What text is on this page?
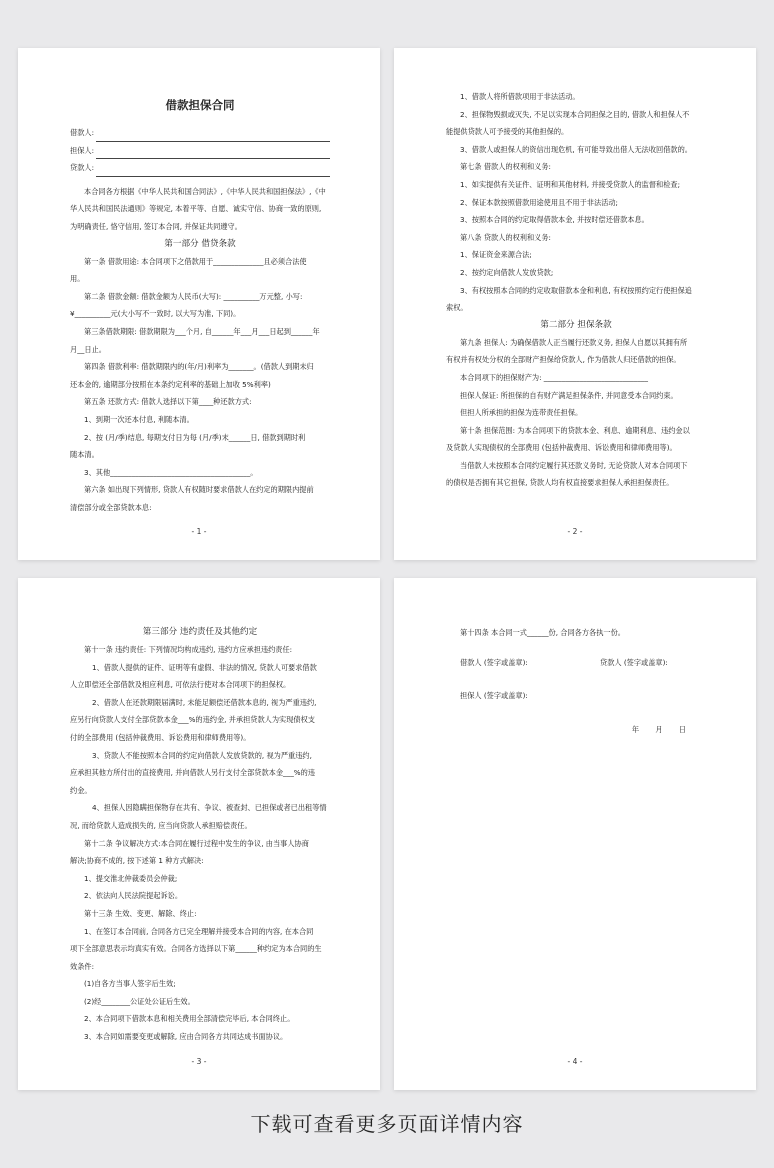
借款担保合同
借款人:
担保人:
贷款人:
本合同各方根据《中华人民共和国合同法》,《中华人民共和国担保法》,《中
华人民共和国民法通则》等规定, 本着平等、自愿、诚实守信、协商一致的原则,
为明确责任, 恪守信用, 签订本合同, 并保证共同遵守。
第一部分 借贷条款
第一条 借款用途: 本合同项下之借款用于______________且必须合法使
用。
第二条 借款金额: 借款金额为人民币(大写): __________万元整, 小写:
¥__________元(大小写不一致时, 以大写为准, 下同)。
第三条借款期限: 借款期限为___个月, 自______年___月___日起到______年
月__日止。
第四条 借款利率: 借款期限内的(年/月)利率为_______。(借款人到期未归
还本金的, 逾期部分按照在本条约定利率的基础上加收 5%利率)
第五条 还款方式: 借款人选择以下第____种还款方式:
1、到期一次还本付息, 利随本清。
2、按 (月/季)结息, 每期支付日为每 (月/季)末______日, 借款到期时利
随本清。
3、其他_______________________________________。
第六条 如出现下列情形, 贷款人有权随时要求借款人在约定的期限内提前
清偿部分或全部贷款本息:
- 1 -
1、借款人将所借款项用于非法活动。
2、担保物毁损或灭失, 不足以实现本合同担保之目的, 借款人和担保人不
能提供贷款人可予接受的其他担保的。
3、借款人或担保人的资信出现危机, 有可能导致出借人无法收回借款的。
第七条 借款人的权利和义务:
1、如实提供有关证件、证明和其他材料, 并接受贷款人的监督和检查;
2、保证本款按照借款用途使用且不用于非法活动;
3、按照本合同的约定取得借款本金, 并按时偿还借款本息。
第八条 贷款人的权利和义务:
1、保证资金来源合法;
2、按约定向借款人发放贷款;
3、有权按照本合同的约定收取借款本金和利息, 有权按照约定行使担保追
索权。
第二部分 担保条款
第九条 担保人: 为确保借款人正当履行还款义务, 担保人自愿以其拥有所
有权并有权处分权的全部财产担保给贷款人, 作为借款人归还借款的担保。
本合同项下的担保财产为: _____________________________
担保人保证: 所担保的自有财产满足担保条件, 并同意受本合同约束。
但担人所承担的担保为连带责任担保。
第十条 担保范围: 为本合同项下的贷款本金、利息、逾期利息、违约金以
及贷款人实现债权的全部费用 (包括仲裁费用、诉讼费用和律师费用等)。
当借款人未按照本合同约定履行其还款义务时, 无论贷款人对本合同项下
的债权是否拥有其它担保, 贷款人均有权直接要求担保人承担担保责任。
- 2 -
第三部分 违约责任及其他约定
第十一条 违约责任: 下列情况均构成违约, 违约方应承担违约责任:
1、借款人提供的证件、证明等有虚假、非法的情况, 贷款人可要求借款
人立即偿还全部借款及相应利息, 可依法行使对本合同项下的担保权。
2、借款人在还款期限届满时, 未能足额偿还借款本息的, 视为严重违约,
应另行向贷款人支付全部贷款本金___%的违约金, 并承担贷款人为实现债权支
付的全部费用 (包括仲裁费用、诉讼费用和律师费用等)。
3、贷款人不能按照本合同的约定向借款人发放贷款的, 视为严重违约,
应承担其他方所付出的直接费用, 并向借款人另行支付全部贷款本金___%的违
约金。
4、担保人因隐瞒担保物存在共有、争议、被查封、已担保或者已出租等情
况, 而给贷款人造成损失的, 应当向贷款人承担赔偿责任。
第十二条 争议解决方式:本合同在履行过程中发生的争议, 由当事人协商
解决;协商不成的, 按下述第 1 种方式解决:
1、提交淮北仲裁委员会仲裁;
2、依法向人民法院提起诉讼。
第十三条 生效、变更、解除、终止:
1、在签订本合同前, 合同各方已完全理解并接受本合同的内容, 在本合同
项下全部意思表示均真实有效。合同各方选择以下第______种约定为本合同的生
效条件:
(1)自各方当事人签字后生效;
(2)经________公证处公证后生效。
2、本合同项下借款本息和相关费用全部清偿完毕后, 本合同终止。
3、本合同如需要变更或解除, 应由合同各方共同达成书面协议。
- 3 -
第十四条 本合同一式______份, 合同各方各执一份。
借款人 (签字或盖章):	贷款人 (签字或盖章):
担保人 (签字或盖章):
年 月 日
- 4 -
下载可查看更多页面详情内容
